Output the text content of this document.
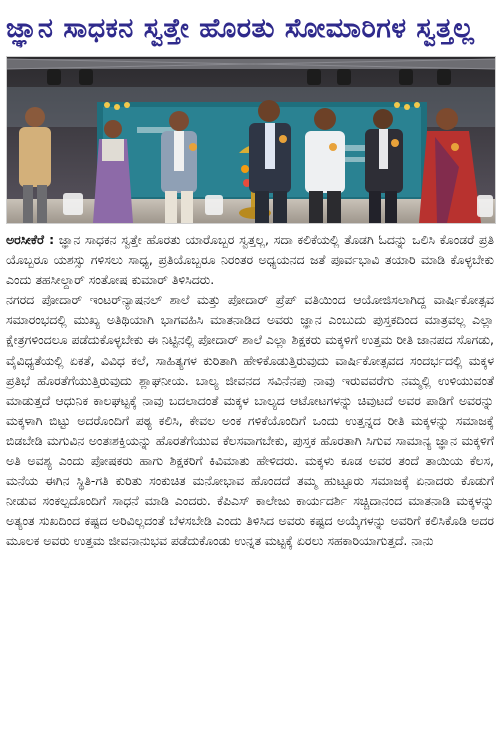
ಜ್ಞಾನ ಸಾಧಕನ ಸ್ವತ್ತೇ ಹೊರತು ಸೋಮಾರಿಗಳ ಸ್ವತ್ತಲ್ಲ

ಅರಸೀಕೆರೆ : ಜ್ಞಾನ ಸಾಧಕನ ಸ್ವತ್ತೇ ಹೊರತು ಯಾರೊಬ್ಬರ ಸ್ವತ್ತಲ್ಲ, ಸದಾ ಕಲಿಕೆಯಲ್ಲಿ ತೊಡಗಿ ಓದನ್ನು ಒಲಿಸಿ ಕೊಂಡರೆ ಪ್ರತಿ ಯೊಬ್ಬರೂ ಯಶಸ್ಸು ಗಳಿಸಲು ಸಾಧ್ಯ, ಪ್ರತಿಯೊಬ್ಬರೂ ನಿರಂತರ ಅಧ್ಯಯನದ ಜತೆ ಪೂರ್ವಭಾವಿ ತಯಾರಿ ಮಾಡಿ ಕೊಳ್ಳಬೇಕು ಎಂದು ತಹಸೀಲ್ದಾರ್ ಸಂತೋಷ ಕುಮಾರ್ ತಿಳಿಸಿದರು.

ನಗರದ ಪೋದಾರ್ ಇಂಟರ್‌ನ್ಯಾಷನಲ್ ಶಾಲೆ ಮತ್ತು ಪೋದಾರ್ ಪ್ರೆಪ್ ವತಿಯಿಂದ ಆಯೋಜಿಸಲಾಗಿದ್ದ ವಾರ್ಷಿಕೋತ್ಸವ ಸಮಾರಂಭದಲ್ಲಿ ಮುಖ್ಯ ಅತಿಥಿಯಾಗಿ ಭಾಗವಹಿಸಿ ಮಾತನಾಡಿದ ಅವರು ಜ್ಞಾನ ಎಂಬುದು ಪುಸ್ತಕದಿಂದ ಮಾತ್ರವಲ್ಲ ಎಲ್ಲಾ ಕ್ಷೇತ್ರಗಳಿಂದಲೂ ಪಡೆದುಕೊಳ್ಳಬೇಕು ಈ ನಿಟ್ಟಿನಲ್ಲಿ ಪೋದಾರ್ ಶಾಲೆ ಎಲ್ಲಾ ಶಿಕ್ಷಕರು ಮಕ್ಕಳಿಗೆ ಉತ್ತಮ ರೀತಿ ಜಾನಪದ ಸೊಗಡು, ವೈವಿಧ್ಯತೆಯಲ್ಲಿ ಏಕತೆ, ವಿವಿಧ ಕಲೆ, ಸಾಹಿತ್ಯಗಳ ಕುರಿತಾಗಿ ಹೇಳಿಕೊಡುತ್ತಿರುವುದು ವಾರ್ಷಿಕೋತ್ಸವದ ಸಂದರ್ಭದಲ್ಲಿ ಮಕ್ಕಳ ಪ್ರತಿಭೆ ಹೊರತೆಗೆಯುತ್ತಿರುವುದು ಶ್ಲಾಘನೀಯ. ಬಾಲ್ಯ ಜೀವನದ ಸವಿನೆನಪು ನಾವು ಇರುವವರೆಗು ನಮ್ಮಲ್ಲಿ ಉಳಿಯುವಂತೆ ಮಾಡುತ್ತದೆ ಆಧುನಿಕ ಕಾಲಘಟ್ಟಕ್ಕೆ ನಾವು ಬದಲಾದಂತೆ ಮಕ್ಕಳ ಬಾಲ್ಯದ ಆಟೋಟಗಳನ್ನು ಚಿವುಟದೆ ಅವರ ಪಾಡಿಗೆ ಅವರನ್ನು ಮಕ್ಕಳಾಗಿ ಬಿಟ್ಟು ಅದರೊಂದಿಗೆ ಪಠ್ಯ ಕಲಿಸಿ, ಕೇವಲ ಅಂಕ ಗಳಿಕೆಯೊಂದಿಗೆ ಒಂದು ಉತ್ತನ್ನದ ರೀತಿ ಮಕ್ಕಳನ್ನು ಸಮಾಜಕ್ಕೆ ಬಿಡಬೇಡಿ ಮಗುವಿನ ಅಂತಃಶಕ್ತಿಯನ್ನು ಹೊರತೆಗೆಯುವ ಕೆಲಸವಾಗಬೇಕು, ಪುಸ್ತಕ ಹೊರತಾಗಿ ಸಿಗುವ ಸಾಮಾನ್ಯ ಜ್ಞಾನ ಮಕ್ಕಳಿಗೆ ಅತಿ ಅವಶ್ಯ ಎಂದು ಪೋಷಕರು ಹಾಗು ಶಿಕ್ಷಕರಿಗೆ ಕಿವಿಮಾತು ಹೇಳಿದರು. ಮಕ್ಕಳು ಕೂಡ ಅವರ ತಂದೆ ತಾಯಿಯ ಕೆಲಸ, ಮನೆಯ ಈಗಿನ ಸ್ಥಿತಿ-ಗತಿ ಕುರಿತು ಸಂಕುಚಿತ ಮನೋಭಾವ ಹೊಂದದೆ ತಮ್ಮ ಹುಟ್ಟೂರು ಸಮಾಜಕ್ಕೆ ಏನಾದರು ಕೊಡುಗೆ ನೀಡುವ ಸಂಕಲ್ಪದೊಂದಿಗೆ ಸಾಧನೆ ಮಾಡಿ ಎಂದರು. ಕೆಪಿಎಸ್ ಕಾಲೇಜು ಕಾರ್ಯದರ್ಶಿ ಸಚ್ಚಿದಾನಂದ ಮಾತನಾಡಿ ಮಕ್ಕಳನ್ನು ಅತ್ಯಂತ ಸುಖದಿಂದ ಕಷ್ಟದ ಅರಿವಿಲ್ಲದಂತೆ ಬೆಳಸಬೇಡಿ ಎಂದು ತಿಳಿಸಿದ ಅವರು ಕಷ್ಟದ ಅಯ್ಕೆಗಳನ್ನು ಅವರಿಗೆ ಕಲಿಸಿಕೊಡಿ ಅದರ ಮೂಲಕ ಅವರು ಉತ್ತಮ ಜೀವನಾನುಭವ ಪಡೆದುಕೊಂಡು ಉನ್ನತ ಮಟ್ಟಕ್ಕೆ ಏರಲು ಸಹಕಾರಿಯಾಗುತ್ತದೆ. ನಾನು
